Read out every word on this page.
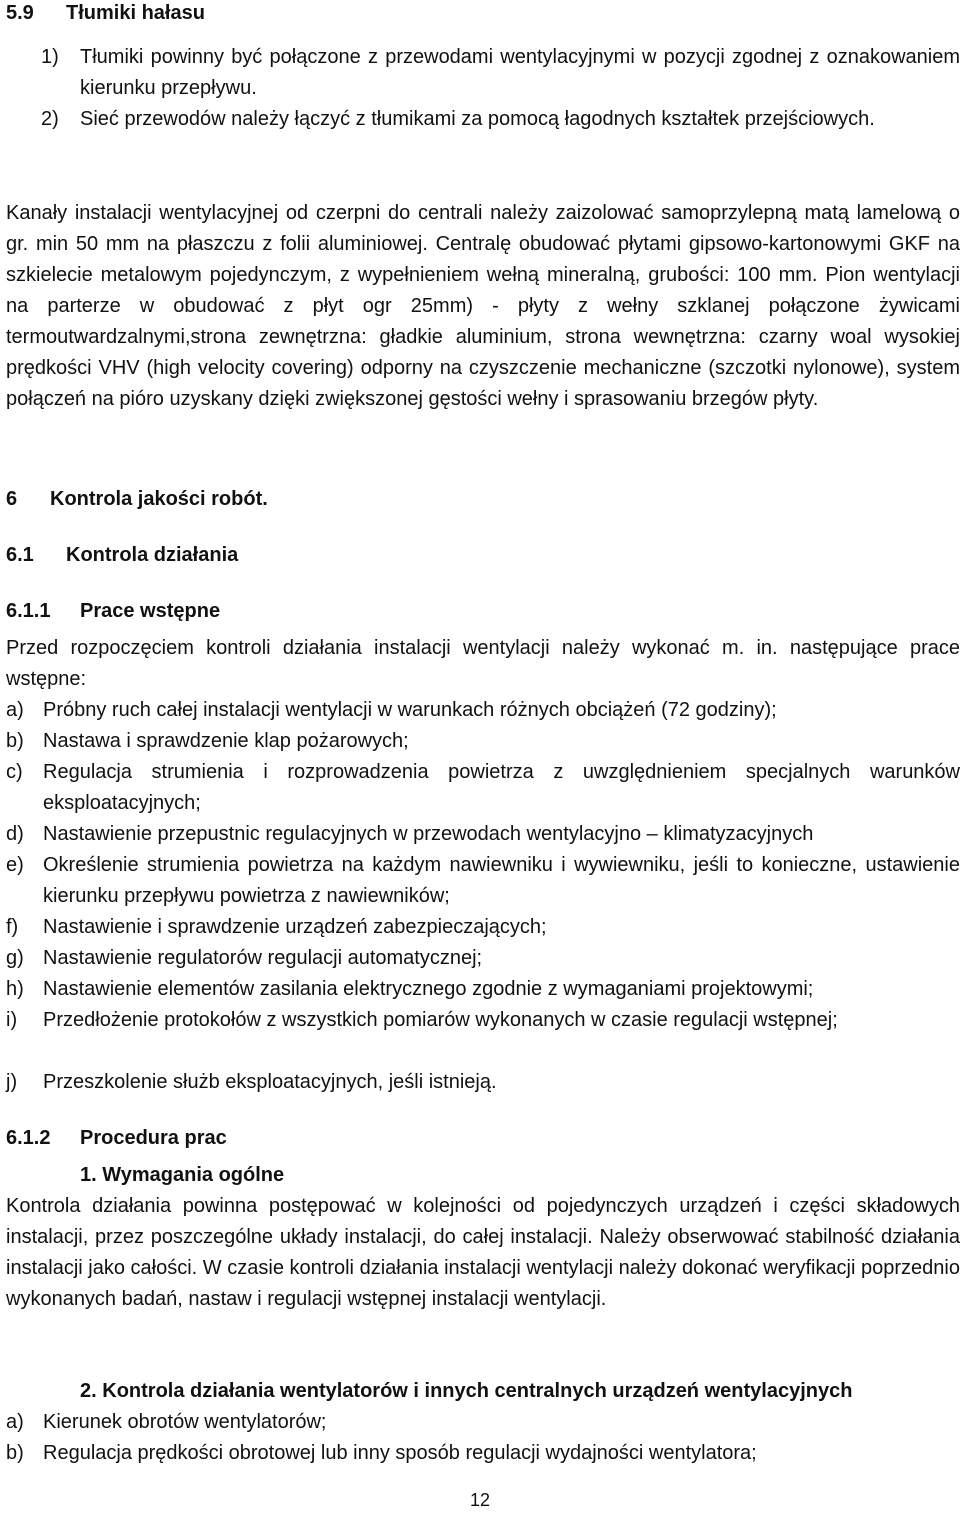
5.9 Tłumiki hałasu
1) Tłumiki powinny być połączone z przewodami wentylacyjnymi w pozycji zgodnej z oznakowaniem kierunku przepływu.
2) Sieć przewodów należy łączyć z tłumikami za pomocą łagodnych kształtek przejściowych.
Kanały instalacji wentylacyjnej od czerpni do centrali należy zaizolować samoprzylepną matą lamelową o gr. min 50 mm na płaszczu z folii aluminiowej. Centralę obudować płytami gipsowo-kartonowymi GKF na szkielecie metalowym pojedynczym, z wypełnieniem wełną mineralną, grubości: 100 mm. Pion wentylacji na parterze w obudować z płyt ogr 25mm) - płyty z wełny szklanej połączone żywicami termoutwardzalnymi,strona zewnętrzna: gładkie aluminium, strona wewnętrzna: czarny woal wysokiej prędkości VHV (high velocity covering) odporny na czyszczenie mechaniczne (szczotki nylonowe), system połączeń na pióro uzyskany dzięki zwiększonej gęstości wełny i sprasowaniu brzegów płyty.
6 Kontrola jakości robót.
6.1 Kontrola działania
6.1.1 Prace wstępne
Przed rozpoczęciem kontroli działania instalacji wentylacji należy wykonać m. in. następujące prace wstępne:
a) Próbny ruch całej instalacji wentylacji w warunkach różnych obciążeń (72 godziny);
b) Nastawa i sprawdzenie klap pożarowych;
c) Regulacja strumienia i rozprowadzenia powietrza z uwzględnieniem specjalnych warunków eksploatacyjnych;
d) Nastawienie przepustnic regulacyjnych w przewodach wentylacyjno – klimatyzacyjnych
e) Określenie strumienia powietrza na każdym nawiewniku i wywiewniku, jeśli to konieczne, ustawienie kierunku przepływu powietrza z nawiewników;
f) Nastawienie i sprawdzenie urządzeń zabezpieczających;
g) Nastawienie regulatorów regulacji automatycznej;
h) Nastawienie elementów zasilania elektrycznego zgodnie z wymaganiami projektowymi;
i) Przedłożenie protokołów z wszystkich pomiarów wykonanych w czasie regulacji wstępnej;
j) Przeszkolenie służb eksploatacyjnych, jeśli istnieją.
6.1.2 Procedura prac
1. Wymagania ogólne
Kontrola działania powinna postępować w kolejności od pojedynczych urządzeń i części składowych instalacji, przez poszczególne układy instalacji, do całej instalacji. Należy obserwować stabilność działania instalacji jako całości. W czasie kontroli działania instalacji wentylacji należy dokonać weryfikacji poprzednio wykonanych badań, nastaw i regulacji wstępnej instalacji wentylacji.
2. Kontrola działania wentylatorów i innych centralnych urządzeń wentylacyjnych
a) Kierunek obrotów wentylatorów;
b) Regulacja prędkości obrotowej lub inny sposób regulacji wydajności wentylatora;
12
